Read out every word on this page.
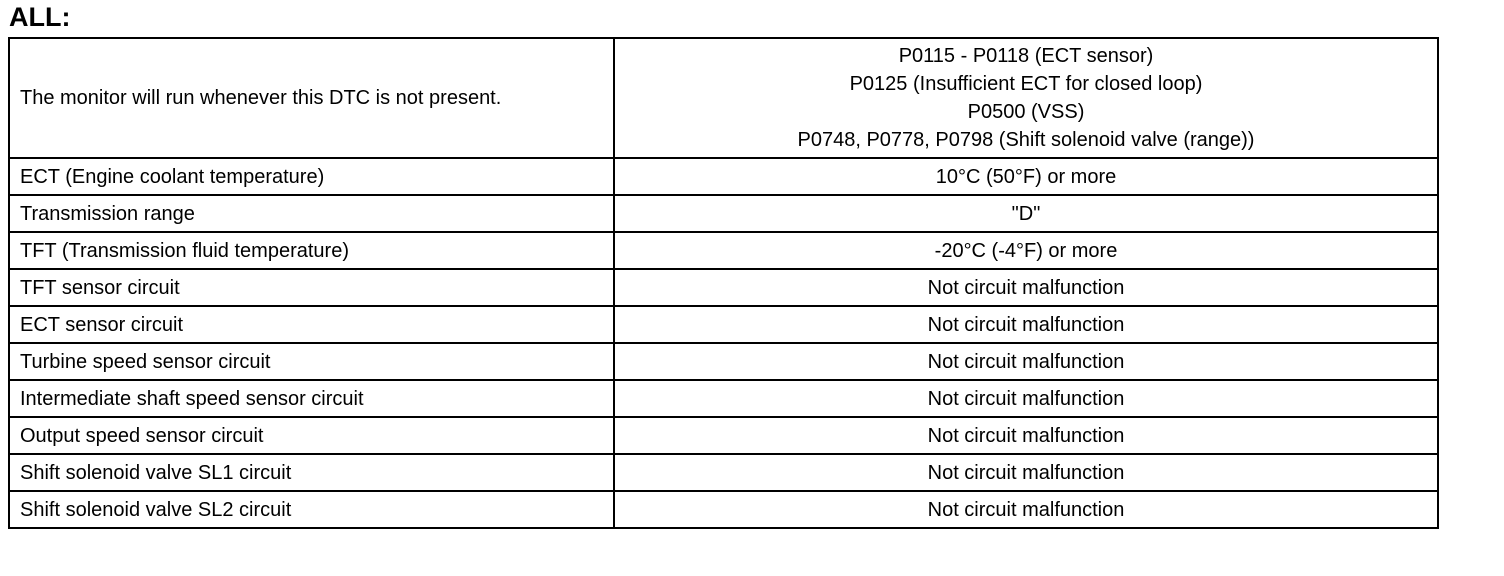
ALL:
The monitor will run whenever this DTC is not present.	P0115 - P0118 (ECT sensor)
P0125 (Insufficient ECT for closed loop)
P0500 (VSS)
P0748, P0778, P0798 (Shift solenoid valve (range))

ECT (Engine coolant temperature)	10°C (50°F) or more
Transmission range	"D"
TFT (Transmission fluid temperature)	-20°C (-4°F) or more
TFT sensor circuit	Not circuit malfunction
ECT sensor circuit	Not circuit malfunction
Turbine speed sensor circuit	Not circuit malfunction
Intermediate shaft speed sensor circuit	Not circuit malfunction
Output speed sensor circuit	Not circuit malfunction
Shift solenoid valve SL1 circuit	Not circuit malfunction
Shift solenoid valve SL2 circuit	Not circuit malfunction
